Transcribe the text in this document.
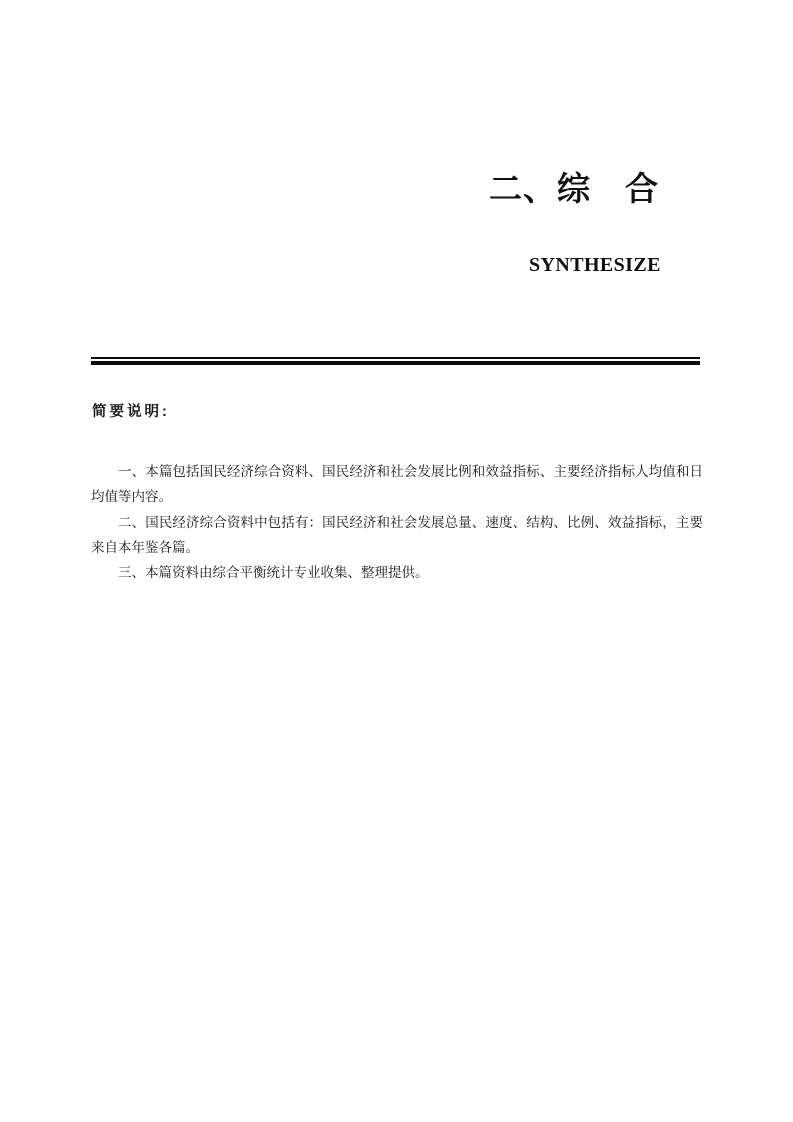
二、综　合
SYNTHESIZE
简要说明:

一、本篇包括国民经济综合资料、国民经济和社会发展比例和效益指标、主要经济指标人均值和日均值等内容。

二、国民经济综合资料中包括有：国民经济和社会发展总量、速度、结构、比例、效益指标，主要来自本年鉴各篇。

三、本篇资料由综合平衡统计专业收集、整理提供。
